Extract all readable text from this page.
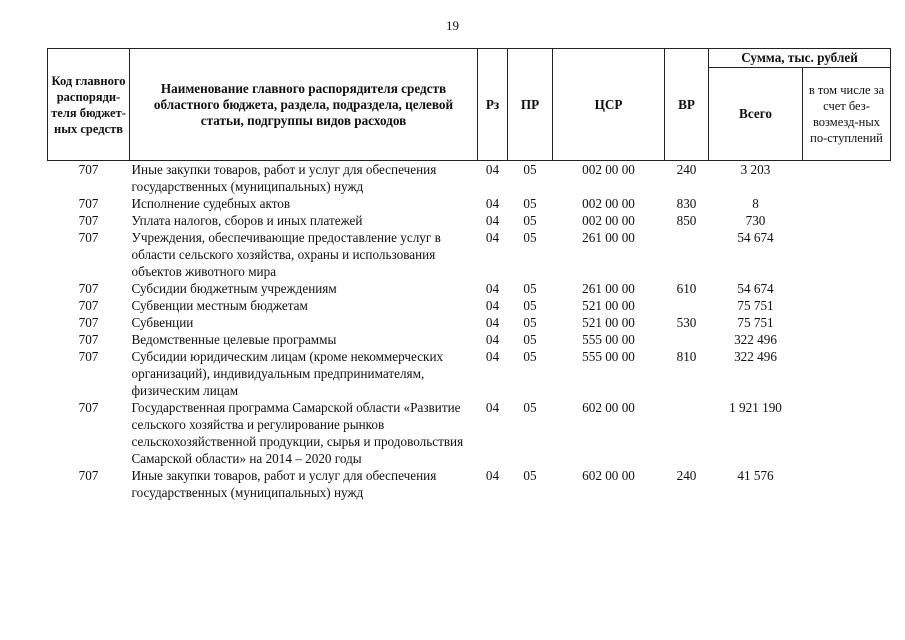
19
Код главного распоряди-теля бюджет-ных средств	Наименование главного распорядителя средств областного бюджета, раздела, подраздела, целевой статьи, подгруппы видов расходов	Рз	ПР	ЦСР	ВР	Сумма, тыс. рублей	
						Всего	в том числе за счет без-возмезд-ных по-ступлений
707	Иные закупки товаров, работ и услуг для обеспечения государственных (муниципальных) нужд	04	05	002 00 00	240	3 203	
707	Исполнение судебных актов	04	05	002 00 00	830	8	
707	Уплата налогов, сборов и иных платежей	04	05	002 00 00	850	730	
707	Учреждения, обеспечивающие предоставление услуг в области сельского хозяйства, охраны и использования объектов животного мира	04	05	261 00 00		54 674	
707	Субсидии бюджетным учреждениям	04	05	261 00 00	610	54 674	
707	Субвенции местным бюджетам	04	05	521 00 00		75 751	
707	Субвенции	04	05	521 00 00	530	75 751	
707	Ведомственные целевые программы	04	05	555 00 00		322 496	
707	Субсидии юридическим лицам (кроме некоммерческих организаций), индивидуальным предпринимателям, физическим лицам	04	05	555 00 00	810	322 496	
707	Государственная программа Самарской области «Развитие сельского хозяйства и регулирование рынков сельскохозяйственной продукции, сырья и продовольствия Самарской области» на 2014 – 2020 годы	04	05	602 00 00		1 921 190	
707	Иные закупки товаров, работ и услуг для обеспечения государственных (муниципальных) нужд	04	05	602 00 00	240	41 576	
